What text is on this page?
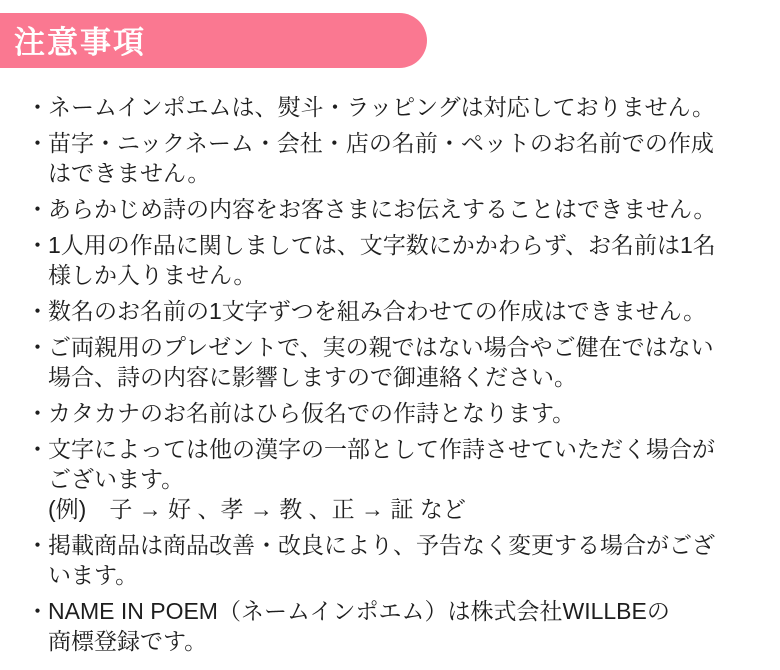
注意事項
・ ネームインポエムは、熨斗・ラッピングは対応しておりません。
・ 苗字・ニックネーム・会社・店の名前・ペットのお名前での作成
はできません。
・ あらかじめ詩の内容をお客さまにお伝えすることはできません。
・ 1人用の作品に関しましては、文字数にかかわらず、お名前は1名
様しか入りません。
・ 数名のお名前の1文字ずつを組み合わせての作成はできません。
・ ご両親用のプレゼントで、実の親ではない場合やご健在ではない
場合、詩の内容に影響しますので御連絡ください。
・ カタカナのお名前はひら仮名での作詩となります。
・ 文字によっては他の漢字の一部として作詩させていただく場合が
ございます。
(例)　子 → 好 、孝 → 教 、正 → 証 など
・ 掲載商品は商品改善・改良により、予告なく変更する場合がござ
います。
・ NAME IN POEM（ネームインポエム）は株式会社WILLBEの
商標登録です。
